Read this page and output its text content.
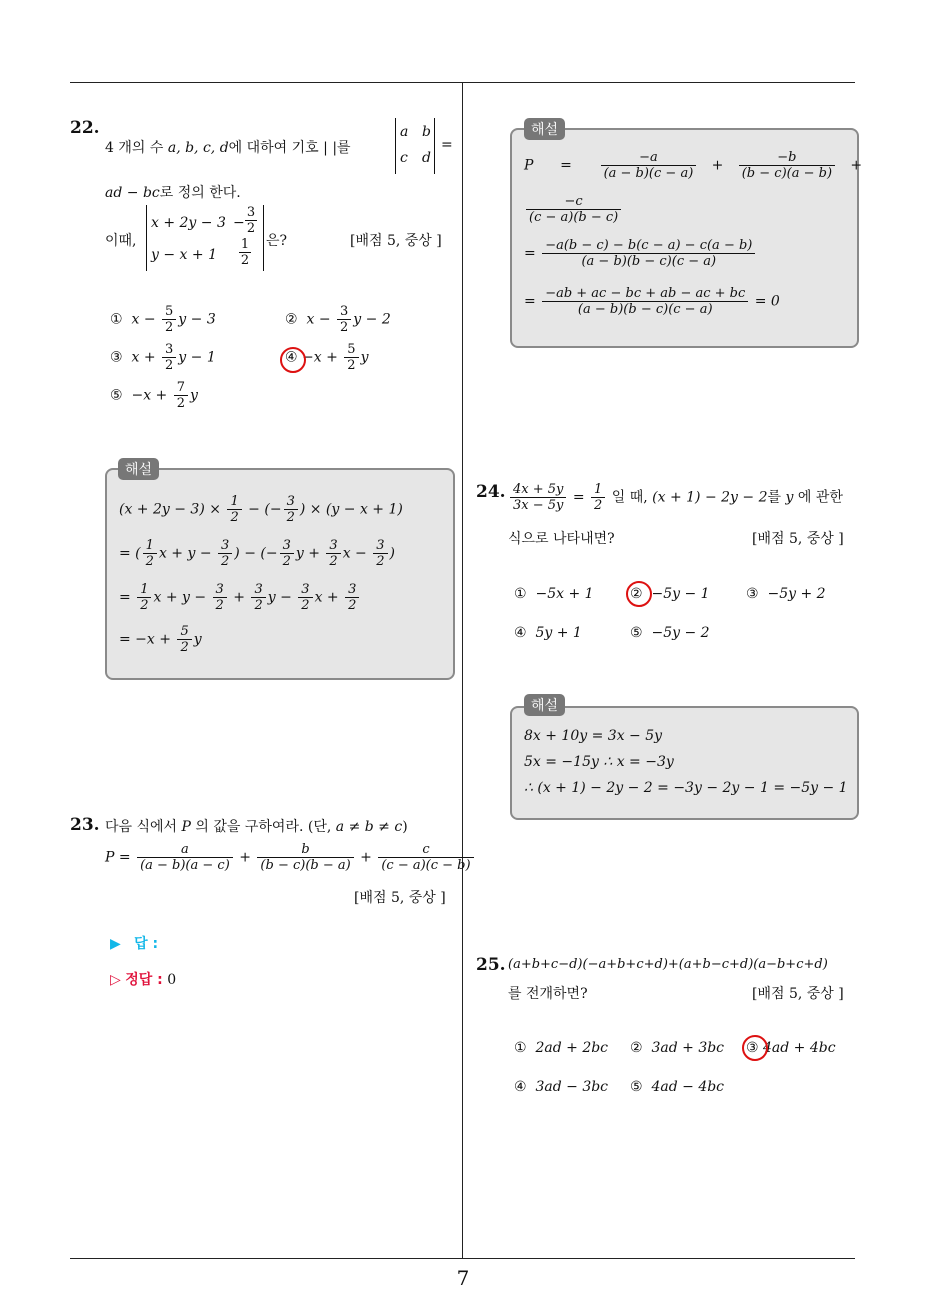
7
22.
4 개의 수 a, b, c, d에 대하여 기호 | |를
a b
c d
=
ad − bc로 정의 한다.
이때,
x + 2y − 3 −
3
2
y − x + 1
1
2
은?	[배점 5, 중상 ]
① $x - \frac{5}{2}$ y − 3	② $x - \frac{3}{2}$ y − 2
③ $x + \frac{3}{2}$ y − 1	④ $-x + \frac{5}{2}$ y
⑤ $-x + \frac{7}{2}$ y
$(x + 2y - 3) \times \frac{1}{2}$ − (− $\frac{3}{2}$ ) × (y − x + 1)
= ( $\frac{1}{2}$ $x + y - \frac{3}{2}$ ) − (− $\frac{3}{2}$ $y + \frac{3}{2}$ $x - \frac{3}{2}$ )
= $\frac{1}{2}$ $x + y - \frac{3}{2} + \frac{3}{2}$ $y - \frac{3}{2}$ $x + \frac{3}{2}$
= $-x + \frac{5}{2}$ y
해설
23. 다음 식에서 P 의 값을 구하여라. (단, a ≠ b ≠ c)
$P = \frac{a}{(a - b)(a - c)} + \frac{b}{(b - c)(b - a)} + \frac{c}{(c - a)(c - b)}$
[배점 5, 중상 ]
▶ 답 :
▷ 정답 : 0
$P = \frac{-a}{(a - b)(c - a)} + \frac{-b}{(b - c)(a - b)}$ +
$\frac{-c}{(c - a)(b - c)}$
= $\frac{-a(b - c) - b(c - a) - c(a - b)}{(a - b)(b - c)(c - a)}$
= $\frac{-ab + ac - bc + ab - ac + bc}{(a - b)(b - c)(c - a)} = 0$
해설
24. $\frac{4x + 5y}{3x - 5y} = \frac{1}{2}$ 일 때, (x + 1) − 2y − 2를 y 에 관한
식으로 나타내면?	[배점 5, 중상 ]
① −5x + 1	② −5y − 1	③ −5y + 2
④ 5y + 1	⑤ −5y − 2
8x + 10y = 3x − 5y
5x = −15y ∴ x = −3y
∴ (x + 1) − 2y − 2 = −3y − 2y − 1 = −5y − 1
해설
25. (a+b+c−d)(−a+b+c+d)+(a+b−c+d)(a−b+c+d)
를 전개하면?	[배점 5, 중상 ]
① 2ad + 2bc ② 3ad + 3bc ③ 4ad + 4bc
④ 3ad − 3bc ⑤ 4ad − 4bc
